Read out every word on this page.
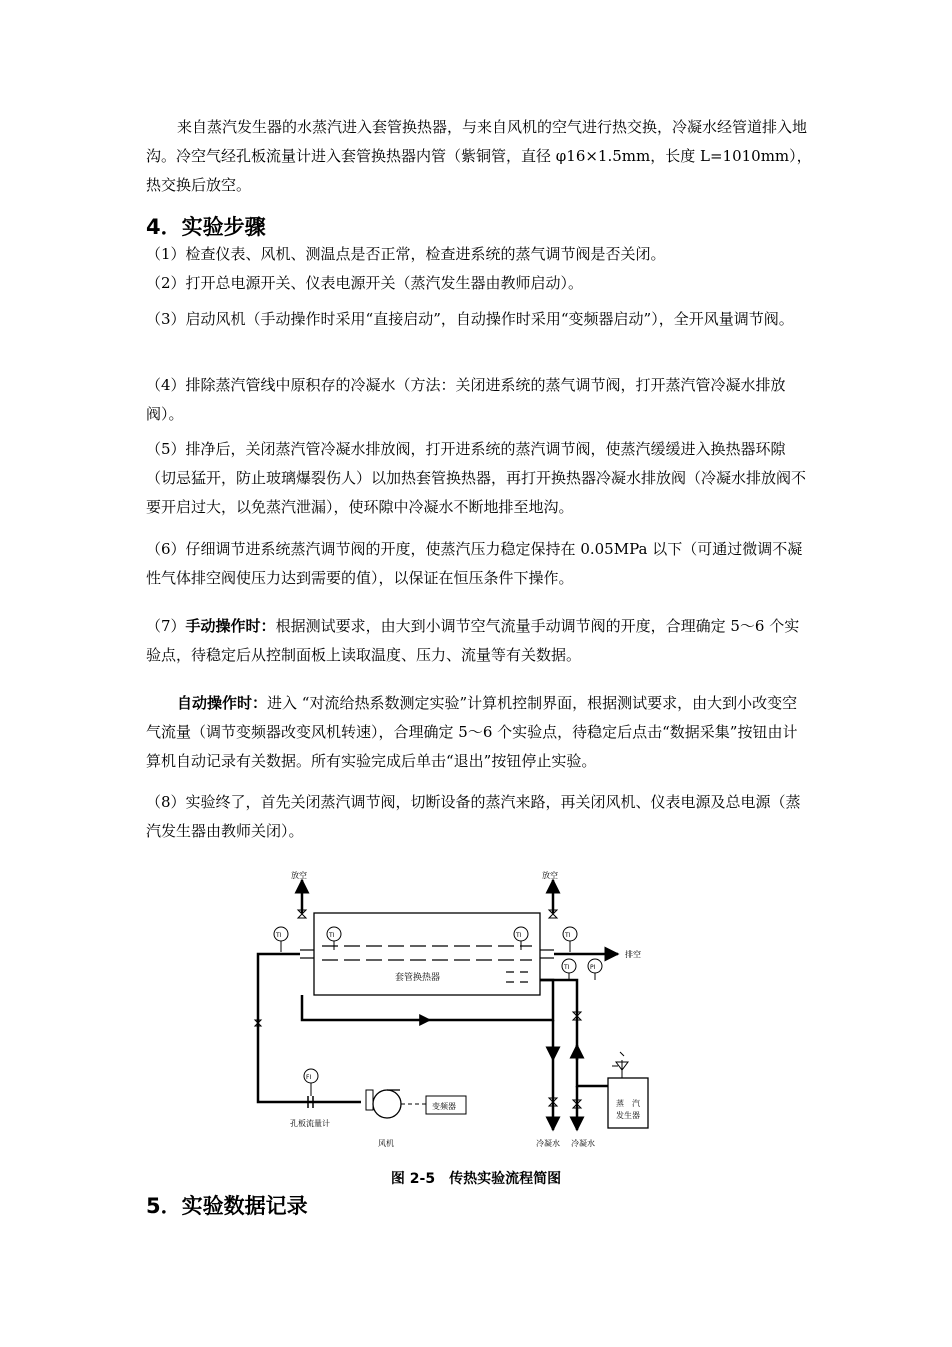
来自蒸汽发生器的水蒸汽进入套管换热器，与来自风机的空气进行热交换，冷凝水经管道排入地沟。冷空气经孔板流量计进入套管换热器内管（紫铜管，直径 φ16×1.5mm，长度 L=1010mm），热交换后放空。

4．实验步骤

（1）检查仪表、风机、测温点是否正常，检查进系统的蒸气调节阀是否关闭。

（2）打开总电源开关、仪表电源开关（蒸汽发生器由教师启动）。

（3）启动风机（手动操作时采用“直接启动”，自动操作时采用“变频器启动”），全开风量调节阀。

（4）排除蒸汽管线中原积存的冷凝水（方法：关闭进系统的蒸气调节阀，打开蒸汽管冷凝水排放阀）。

（5）排净后，关闭蒸汽管冷凝水排放阀，打开进系统的蒸汽调节阀，使蒸汽缓缓进入换热器环隙（切忌猛开，防止玻璃爆裂伤人）以加热套管换热器，再打开换热器冷凝水排放阀（冷凝水排放阀不要开启过大，以免蒸汽泄漏），使环隙中冷凝水不断地排至地沟。

（6）仔细调节进系统蒸汽调节阀的开度，使蒸汽压力稳定保持在 0.05MPa 以下（可通过微调不凝性气体排空阀使压力达到需要的值），以保证在恒压条件下操作。

（7）手动操作时：根据测试要求，由大到小调节空气流量手动调节阀的开度，合理确定 5～6 个实验点，待稳定后从控制面板上读取温度、压力、流量等有关数据。

自动操作时：进入 “对流给热系数测定实验”计算机控制界面，根据测试要求，由大到小改变空气流量（调节变频器改变风机转速），合理确定 5～6 个实验点，待稳定后点击“数据采集”按钮由计算机自动记录有关数据。所有实验完成后单击“退出”按钮停止实验。

（8）实验终了，首先关闭蒸汽调节阀，切断设备的蒸汽来路，再关闭风机、仪表电源及总电源（蒸汽发生器由教师关闭）。

套管换热器
放空	放空
TI	TI	TI	TI
TI	PI
排空
FI
孔板流量计
风机
变频器
冷凝水 冷凝水
蒸　汽
发生器
图 2-5　传热实验流程简图
5．实验数据记录
